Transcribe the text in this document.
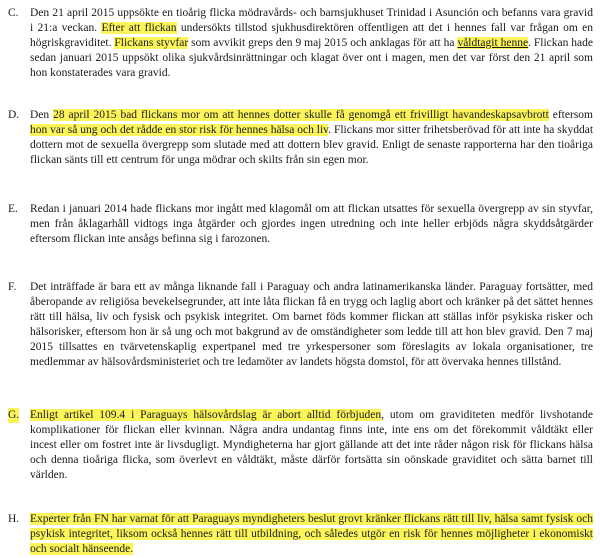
C. Den 21 april 2015 uppsökte en tioårig flicka mödravårds- och barnsjukhuset Trinidad i Asunción och befanns vara gravid i 21:a veckan. Efter att flickan undersökts tillstod sjukhusdirektören offentligen att det i hennes fall var frågan om en högriskgraviditet. Flickans styvfar som avvikit greps den 9 maj 2015 och anklagas för att ha våldtagit henne. Flickan hade sedan januari 2015 uppsökt olika sjukvårdsinrättningar och klagat över ont i magen, men det var först den 21 april som hon konstaterades vara gravid.

D. Den 28 april 2015 bad flickans mor om att hennes dotter skulle få genomgå ett frivilligt havandeskapsavbrott eftersom hon var så ung och det rådde en stor risk för hennes hälsa och liv. Flickans mor sitter frihetsberövad för att inte ha skyddat dottern mot de sexuella övergrepp som slutade med att dottern blev gravid. Enligt de senaste rapporterna har den tioåriga flickan sänts till ett centrum för unga mödrar och skilts från sin egen mor.

E. Redan i januari 2014 hade flickans mor ingått med klagomål om att flickan utsattes för sexuella övergrepp av sin styvfar, men från åklagarhåll vidtogs inga åtgärder och gjordes ingen utredning och inte heller erbjöds några skyddsåtgärder eftersom flickan inte ansågs befinna sig i farozonen.

F. Det inträffade är bara ett av många liknande fall i Paraguay och andra latinamerikanska länder. Paraguay fortsätter, med åberopande av religiösa bevekelsegrunder, att inte låta flickan få en trygg och laglig abort och kränker på det sättet hennes rätt till hälsa, liv och fysisk och psykisk integritet. Om barnet föds kommer flickan att ställas inför psykiska risker och hälsorisker, eftersom hon är så ung och mot bakgrund av de omständigheter som ledde till att hon blev gravid. Den 7 maj 2015 tillsattes en tvärvetenskaplig expertpanel med tre yrkespersoner som föreslagits av lokala organisationer, tre medlemmar av hälsovårdsministeriet och tre ledamöter av landets högsta domstol, för att övervaka hennes tillstånd.

G. Enligt artikel 109.4 i Paraguays hälsovårdslag är abort alltid förbjuden, utom om graviditeten medför livshotande komplikationer för flickan eller kvinnan. Några andra undantag finns inte, inte ens om det förekommit våldtäkt eller incest eller om fostret inte är livsdugligt. Myndigheterna har gjort gällande att det inte råder någon risk för flickans hälsa och denna tioåriga flicka, som överlevt en våldtäkt, måste därför fortsätta sin oönskade graviditet och sätta barnet till världen.

H. Experter från FN har varnat för att Paraguays myndigheters beslut grovt kränker flickans rätt till liv, hälsa samt fysisk och psykisk integritet, liksom också hennes rätt till utbildning, och således utgör en risk för hennes möjligheter i ekonomiskt och socialt hänseende.
